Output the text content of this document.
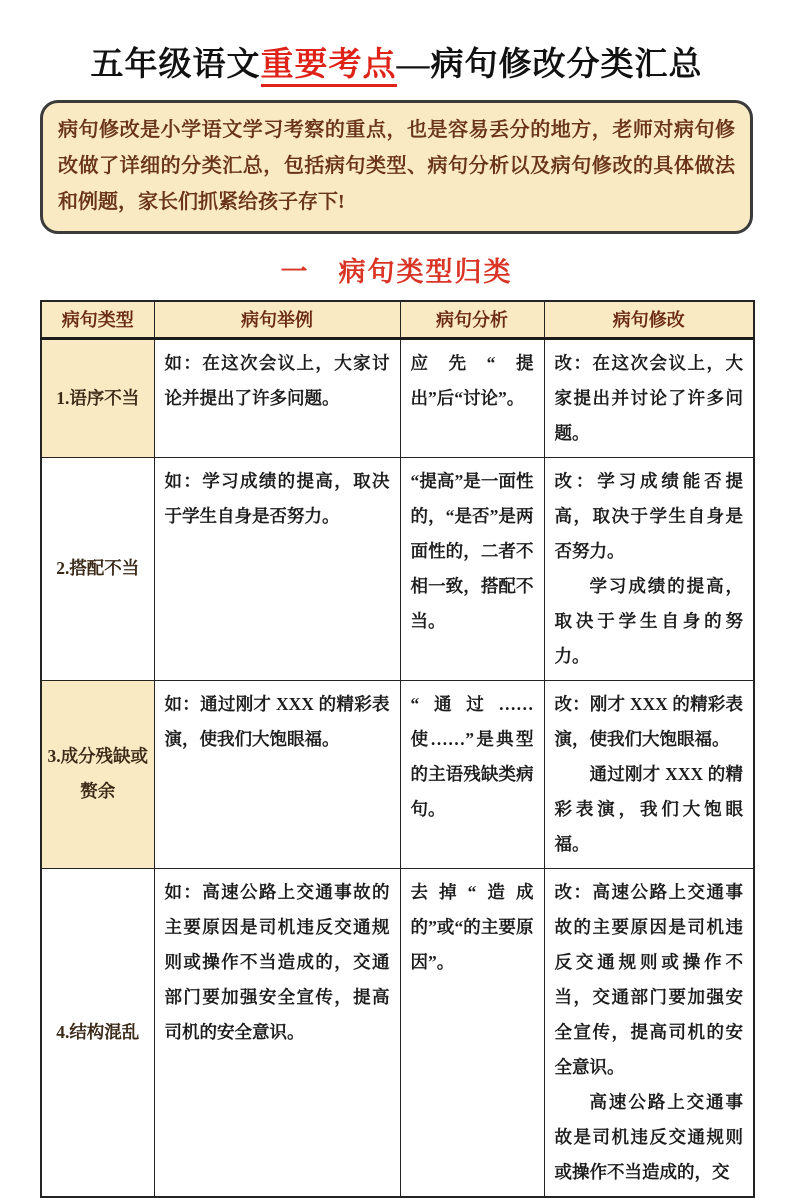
五年级语文重要考点—病句修改分类汇总

病句修改是小学语文学习考察的重点，也是容易丢分的地方，老师对病句修改做了详细的分类汇总，包括病句类型、病句分析以及病句修改的具体做法和例题，家长们抓紧给孩子存下!

一　病句类型归类
病句类型	病句举例	病句分析	病句修改
1.语序不当	如：在这次会议上，大家讨论并提出了许多问题。	应先“提出”后“讨论”。	改：在这次会议上，大家提出并讨论了许多问题。

2.搭配不当	如：学习成绩的提高，取决于学生自身是否努力。	“提高”是一面性的，“是否”是两面性的，二者不相一致，搭配不当。	改：学习成绩能否提高，取决于学生自身是否努力。

学习成绩的提高，取决于学生自身的努力。

3.成分残缺或赘余	如：通过刚才 XXX 的精彩表演，使我们大饱眼福。	“通过……使……”是典型的主语残缺类病句。	改：刚才 XXX 的精彩表演，使我们大饱眼福。

通过刚才 XXX 的精彩表演，我们大饱眼福。

4.结构混乱	如：高速公路上交通事故的主要原因是司机违反交通规则或操作不当造成的，交通部门要加强安全宣传，提高司机的安全意识。	去掉“造成的”或“的主要原因”。	改：高速公路上交通事故的主要原因是司机违反交通规则或操作不当，交通部门要加强安全宣传，提高司机的安全意识。

高速公路上交通事故是司机违反交通规则或操作不当造成的，交
